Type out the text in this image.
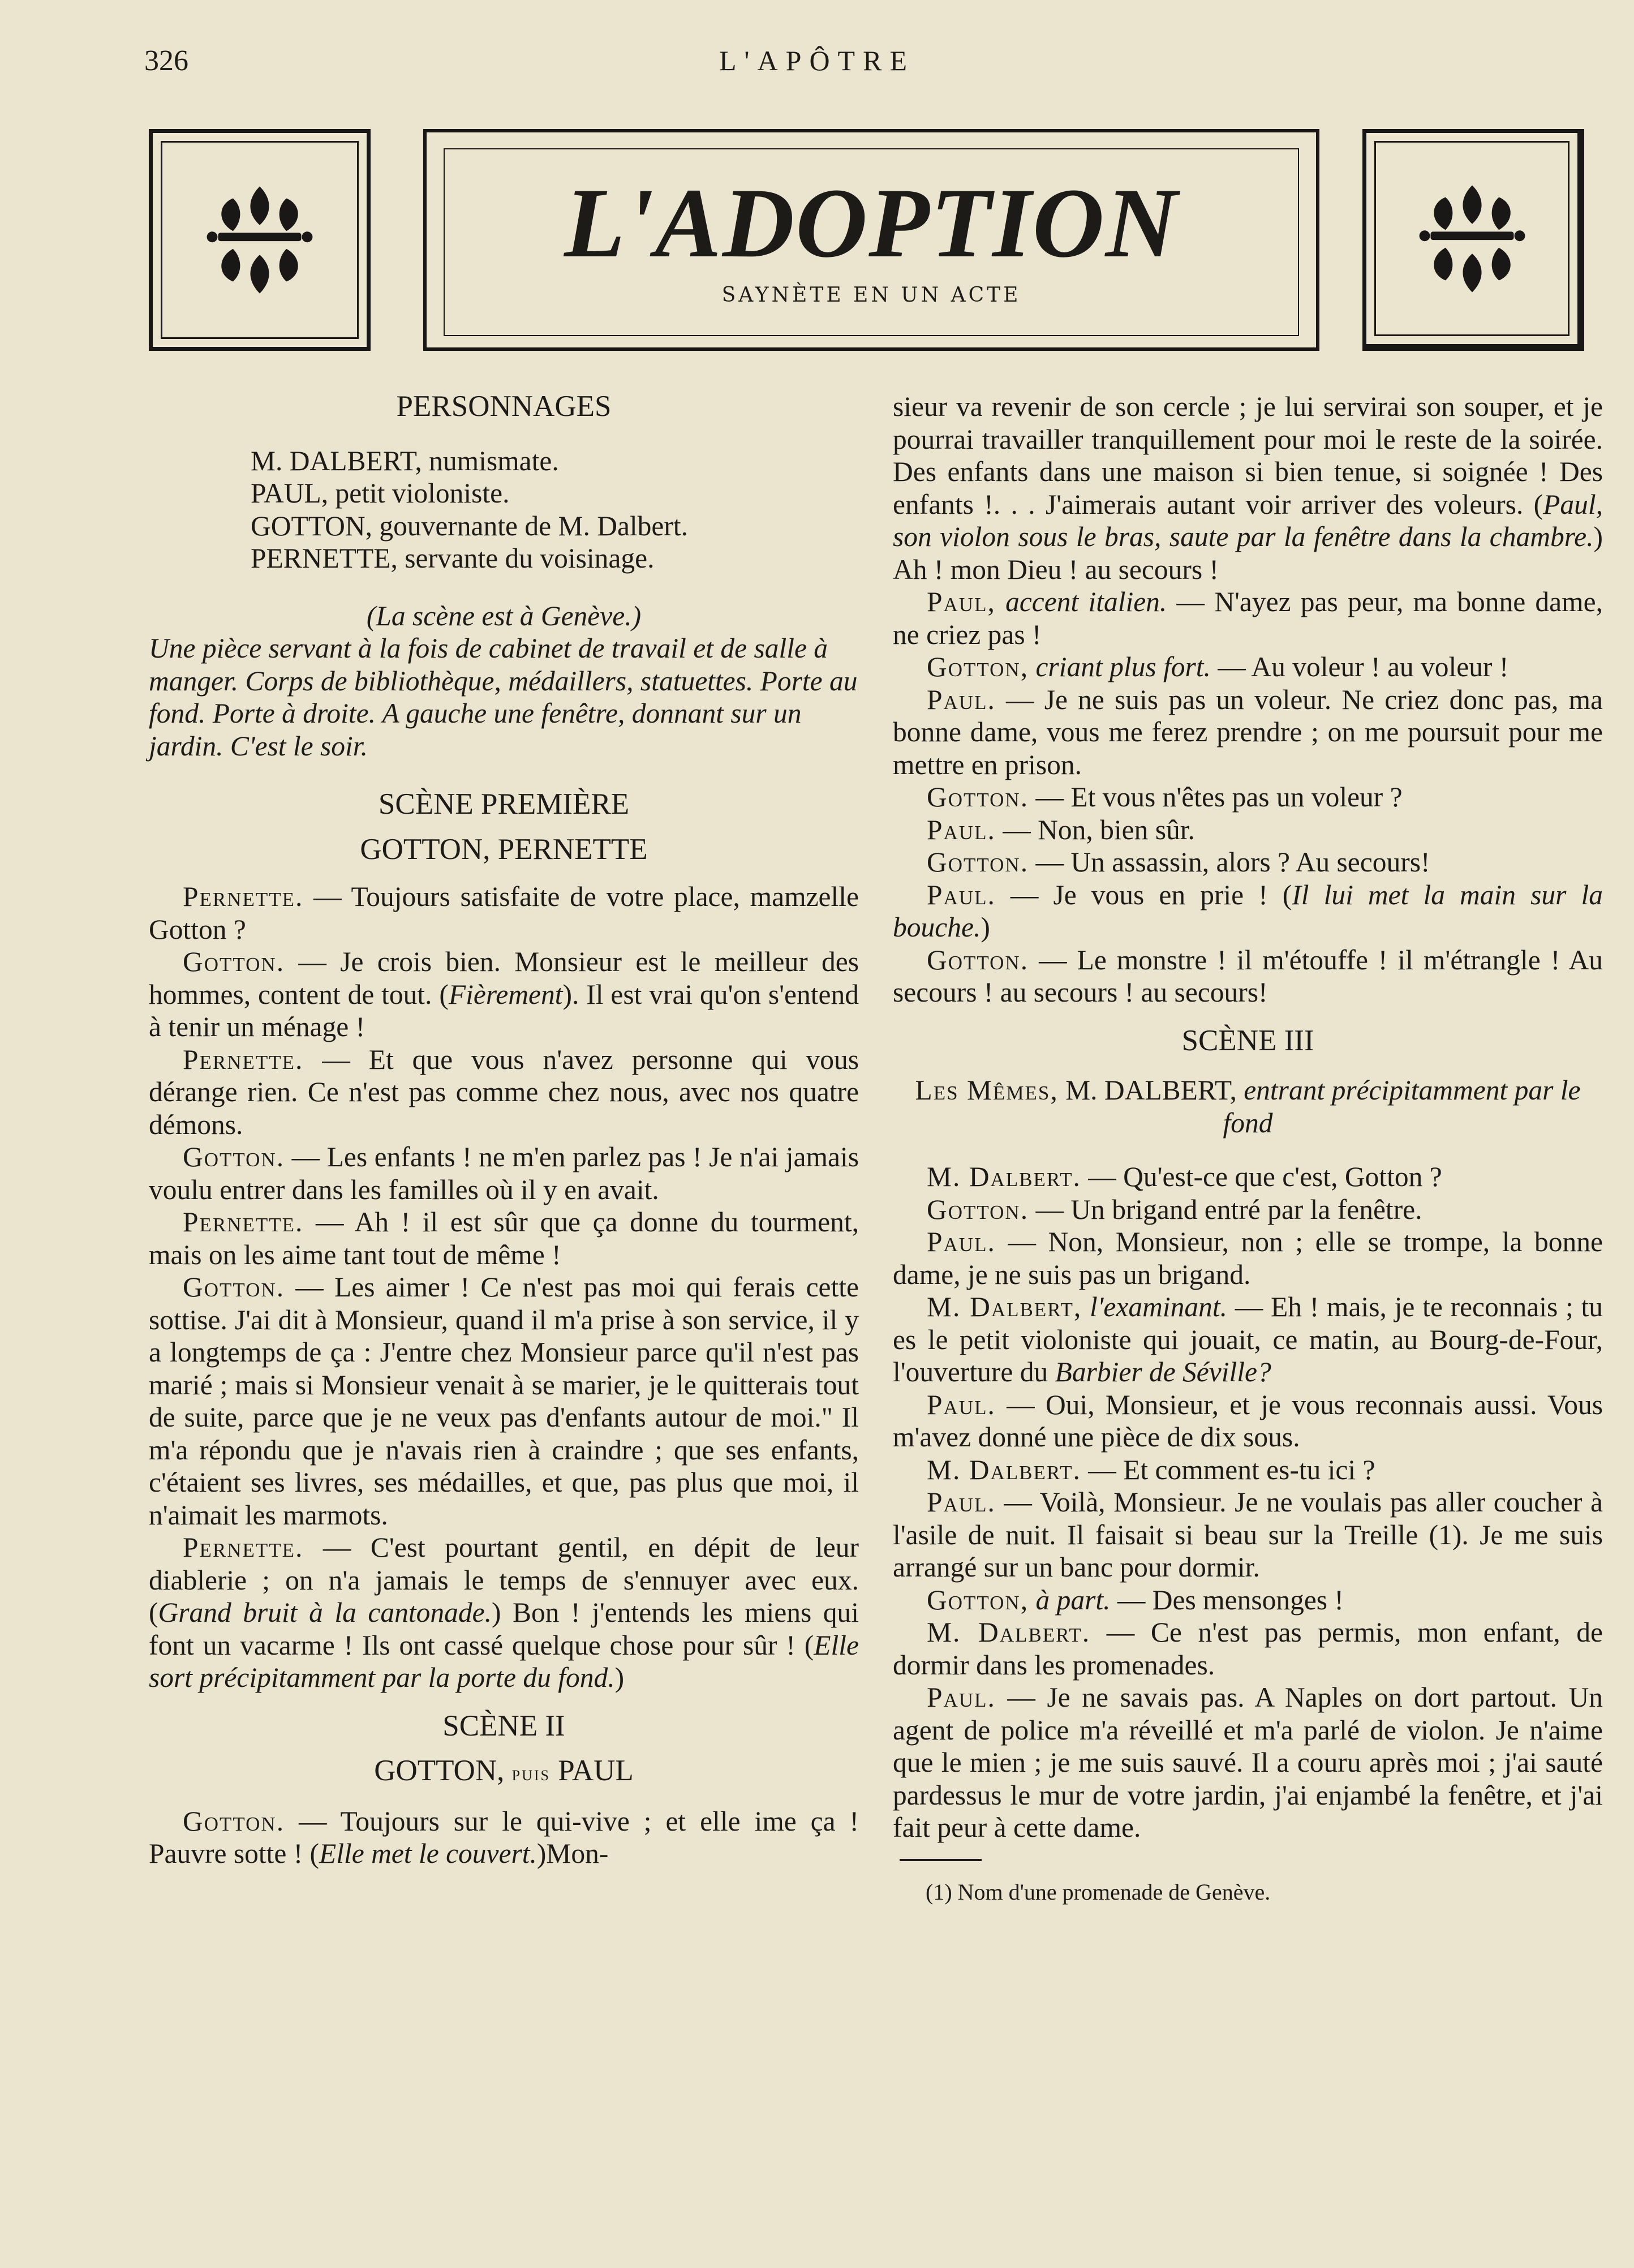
326	L'APÔTRE
L'ADOPTION
SAYNÈTE EN UN ACTE
PERSONNAGES
M. DALBERT, numismate.
PAUL, petit violoniste.
GOTTON, gouvernante de M. Dalbert.
PERNETTE, servante du voisinage.
(La scène est à Genève.)

Une pièce servant à la fois de cabinet de travail et de salle à manger. Corps de bibliothèque, médaillers, statuettes. Porte au fond. Porte à droite. A gauche une fenêtre, donnant sur un jardin. C'est le soir.

SCÈNE PREMIÈRE
GOTTON, PERNETTE

Pernette. — Toujours satisfaite de votre place, mamzelle Gotton ?

Gotton. — Je crois bien. Monsieur est le meilleur des hommes, content de tout. (Fièrement). Il est vrai qu'on s'entend à tenir un ménage !

Pernette. — Et que vous n'avez personne qui vous dérange rien. Ce n'est pas comme chez nous, avec nos quatre démons.

Gotton. — Les enfants ! ne m'en parlez pas ! Je n'ai jamais voulu entrer dans les familles où il y en avait.

Pernette. — Ah ! il est sûr que ça donne du tourment, mais on les aime tant tout de même !

Gotton. — Les aimer ! Ce n'est pas moi qui ferais cette sottise. J'ai dit à Monsieur, quand il m'a prise à son service, il y a longtemps de ça : J'entre chez Monsieur parce qu'il n'est pas marié ; mais si Monsieur venait à se marier, je le quitterais tout de suite, parce que je ne veux pas d'enfants autour de moi." Il m'a répondu que je n'avais rien à craindre ; que ses enfants, c'étaient ses livres, ses médailles, et que, pas plus que moi, il n'aimait les marmots.

Pernette. — C'est pourtant gentil, en dépit de leur diablerie ; on n'a jamais le temps de s'ennuyer avec eux. (Grand bruit à la cantonade.) Bon ! j'entends les miens qui font un vacarme ! Ils ont cassé quelque chose pour sûr ! (Elle sort précipitamment par la porte du fond.)

SCÈNE II
GOTTON, puis PAUL

Gotton. — Toujours sur le qui-vive ; et elle ime ça ! Pauvre sotte ! (Elle met le couvert.)Mon-

sieur va revenir de son cercle ; je lui servirai son souper, et je pourrai travailler tranquillement pour moi le reste de la soirée. Des enfants dans une maison si bien tenue, si soignée ! Des enfants !. . . J'aimerais autant voir arriver des voleurs. (Paul, son violon sous le bras, saute par la fenêtre dans la chambre.) Ah ! mon Dieu ! au secours !

Paul, accent italien. — N'ayez pas peur, ma bonne dame, ne criez pas !

Gotton, criant plus fort. — Au voleur ! au voleur !

Paul. — Je ne suis pas un voleur. Ne criez donc pas, ma bonne dame, vous me ferez prendre ; on me poursuit pour me mettre en prison.

Gotton. — Et vous n'êtes pas un voleur ?

Paul. — Non, bien sûr.

Gotton. — Un assassin, alors ? Au secours!

Paul. — Je vous en prie ! (Il lui met la main sur la bouche.)

Gotton. — Le monstre ! il m'étouffe ! il m'étrangle ! Au secours ! au secours ! au secours!

SCÈNE III
Les Mêmes, M. DALBERT, entrant précipitamment par le fond

M. Dalbert. — Qu'est-ce que c'est, Gotton ?

Gotton. — Un brigand entré par la fenêtre.

Paul. — Non, Monsieur, non ; elle se trompe, la bonne dame, je ne suis pas un brigand.

M. Dalbert, l'examinant. — Eh ! mais, je te reconnais ; tu es le petit violoniste qui jouait, ce matin, au Bourg-de-Four, l'ouverture du Barbier de Séville?

Paul. — Oui, Monsieur, et je vous reconnais aussi. Vous m'avez donné une pièce de dix sous.

M. Dalbert. — Et comment es-tu ici ?

Paul. — Voilà, Monsieur. Je ne voulais pas aller coucher à l'asile de nuit. Il faisait si beau sur la Treille (1). Je me suis arrangé sur un banc pour dormir.

Gotton, à part. — Des mensonges !

M. Dalbert. — Ce n'est pas permis, mon enfant, de dormir dans les promenades.

Paul. — Je ne savais pas. A Naples on dort partout. Un agent de police m'a réveillé et m'a parlé de violon. Je n'aime que le mien ; je me suis sauvé. Il a couru après moi ; j'ai sauté pardessus le mur de votre jardin, j'ai enjambé la fenêtre, et j'ai fait peur à cette dame.

(1) Nom d'une promenade de Genève.
